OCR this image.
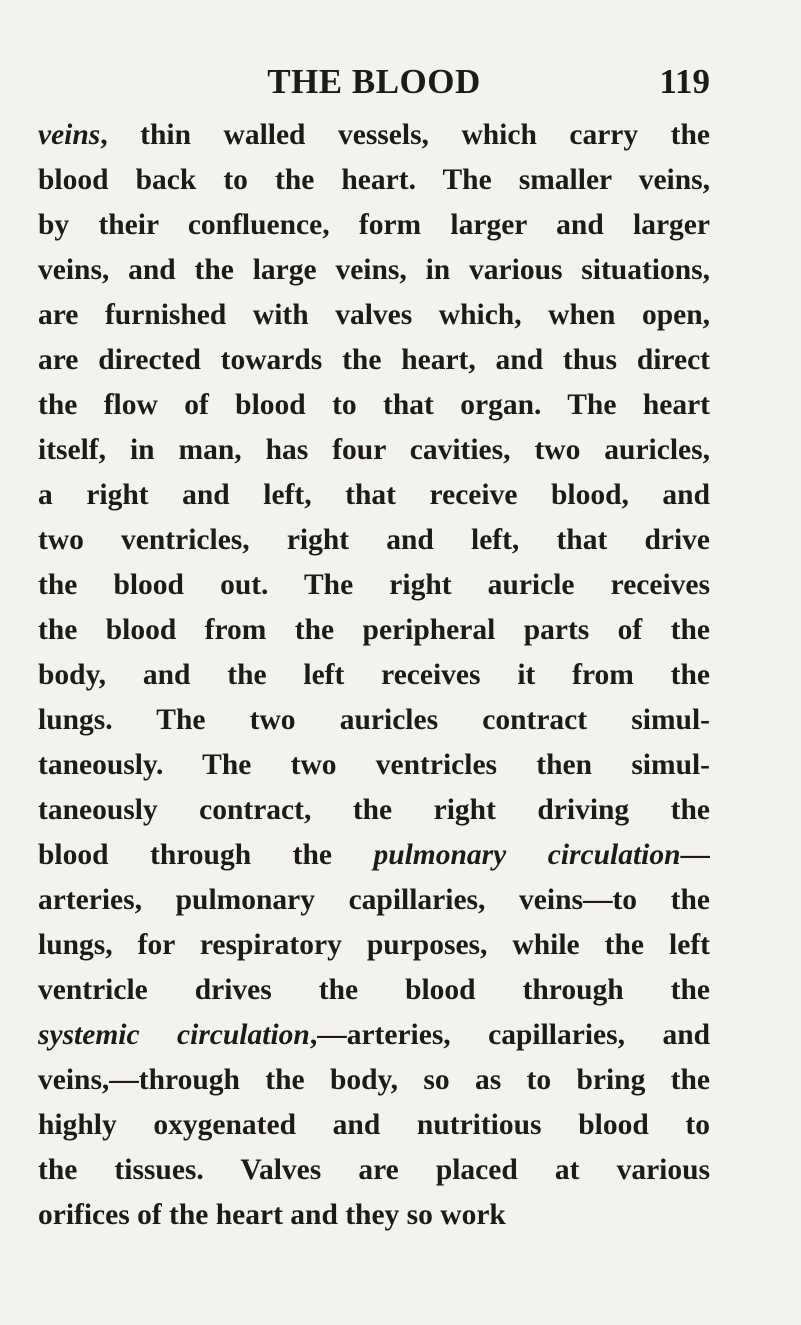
THE BLOOD	119
veins, thin walled vessels, which carry the
blood back to the heart. The smaller veins,
by their confluence, form larger and larger
veins, and the large veins, in various situations,
are furnished with valves which, when open,
are directed towards the heart, and thus direct
the flow of blood to that organ. The heart
itself, in man, has four cavities, two auricles,
a right and left, that receive blood, and
two ventricles, right and left, that drive
the blood out. The right auricle receives
the blood from the peripheral parts of the
body, and the left receives it from the
lungs. The two auricles contract simul-
taneously. The two ventricles then simul-
taneously contract, the right driving the
blood through the pulmonary circulation—
arteries, pulmonary capillaries, veins—to the
lungs, for respiratory purposes, while the left
ventricle drives the blood through the
systemic circulation,—arteries, capillaries, and
veins,—through the body, so as to bring the
highly oxygenated and nutritious blood to
the tissues. Valves are placed at various
orifices of the heart and they so work
